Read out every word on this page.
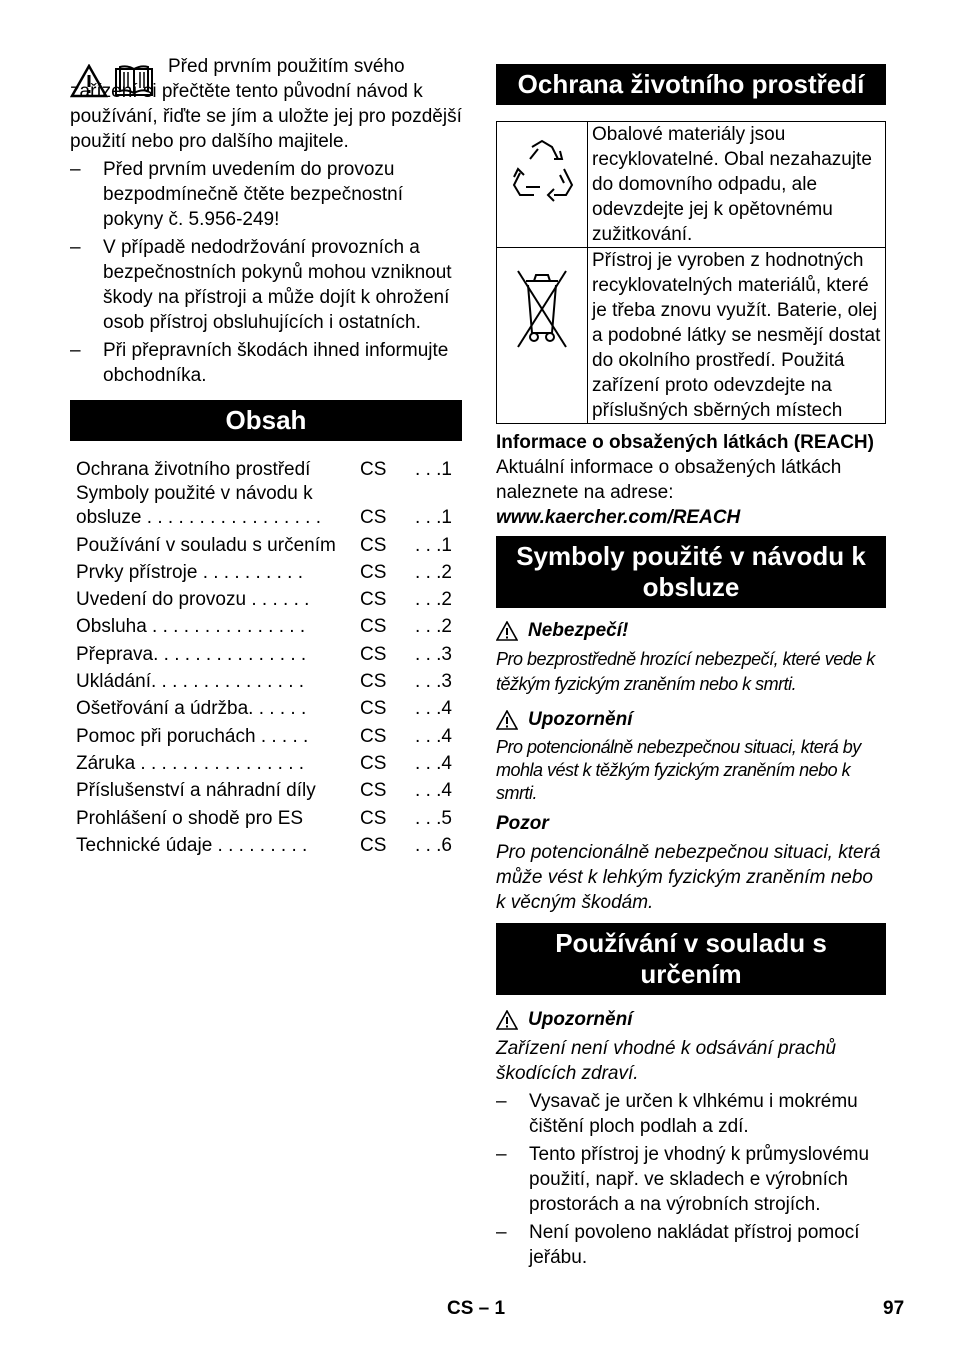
Před prvním použitím svého zařízení si přečtěte tento původní návod k používání, řiďte se jím a uložte jej pro pozdější použití nebo pro dalšího majitele.

–	Před prvním uvedením do provozu bezpodmínečně čtěte bezpečnostní pokyny č. 5.956-249!
–	V případě nedodržování provozních a bezpečnostních pokynů mohou vzniknout škody na přístroji a může dojít k ohrožení osob přístroj obsluhujících i ostatních.
–	Při přepravních škodách ihned informujte obchodníka.
Obsah
Ochrana životního prostředí	CS	. . .1
Symboly použité v návodu k obsluze . . . . . . . . . . . . . . . . .	CS	. . .1
Používání v souladu s určením	CS	. . .1
Prvky přístroje . . . . . . . . . .	CS	. . .2
Uvedení do provozu . . . . . .	CS	. . .2
Obsluha . . . . . . . . . . . . . . .	CS	. . .2
Přeprava. . . . . . . . . . . . . . .	CS	. . .3
Ukládání. . . . . . . . . . . . . . .	CS	. . .3
Ošetřování a údržba. . . . . .	CS	. . .4
Pomoc při poruchách . . . . .	CS	. . .4
Záruka . . . . . . . . . . . . . . . .	CS	. . .4
Příslušenství a náhradní díly	CS	. . .4
Prohlášení o shodě pro ES	CS	. . .5
Technické údaje . . . . . . . . .	CS	. . .6
Ochrana životního prostředí
	Obalové materiály jsou recyklovatelné. Obal nezahazujte do domovního odpadu, ale odevzdejte jej k opětovnému zužitkování.
	Přístroj je vyroben z hodnotných recyklovatelných materiálů, které je třeba znovu využít. Baterie, olej a podobné látky se nesmějí dostat do okolního prostředí. Použitá zařízení proto odevzdejte na příslušných sběrných místech

Informace o obsažených látkách (REACH)

Aktuální informace o obsažených látkách naleznete na adrese:

www.kaercher.com/REACH

Symboly použité v návodu k obsluze
Nebezpečí!

Pro bezprostředně hrozící nebezpečí, které vede k těžkým fyzickým zraněním nebo k smrti.

Upozornění

Pro potencionálně nebezpečnou situaci, která by mohla vést k těžkým fyzickým zraněním nebo k smrti.

Pozor

Pro potencionálně nebezpečnou situaci, která může vést k lehkým fyzickým zraněním nebo k věcným škodám.

Používání v souladu s určením
Upozornění

Zařízení není vhodné k odsávání prachů škodících zdraví.

–	Vysavač je určen k vlhkému i mokrému čištění ploch podlah a zdí.
–	Tento přístroj je vhodný k průmyslovému použití, např. ve skladech e výrobních prostorách a na výrobních strojích.
–	Není povoleno nakládat přístroj pomocí jeřábu.
CS – 1	97
